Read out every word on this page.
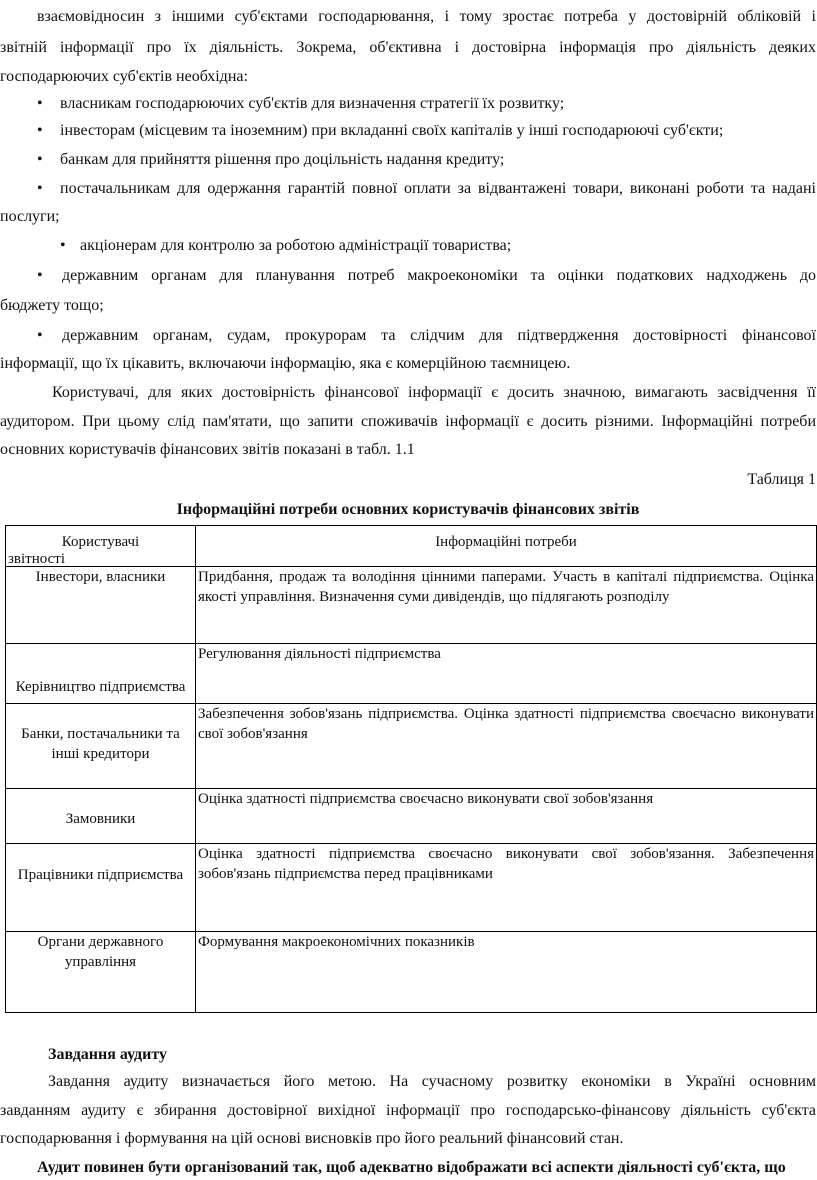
взаємовідносин з іншими суб'єктами господарювання, і тому зростає потреба у достовірній обліковій і
звітній інформації про їх діяльність. Зокрема, об'єктивна і достовірна інформація про діяльність деяких
господарюючих суб'єктів необхідна:
• власникам господарюючих суб'єктів для визначення стратегії їх розвитку;
• інвесторам (місцевим та іноземним) при вкладанні своїх капіталів у інші господарюючі суб'єкти;
• банкам для прийняття рішення про доцільність надання кредиту;
• постачальникам для одержання гарантій повної оплати за відвантажені товари, виконані роботи та надані
послуги;
• акціонерам для контролю за роботою адміністрації товариства;
• державним органам для планування потреб макроекономіки та оцінки податкових надходжень до
бюджету тощо;
• державним органам, судам, прокурорам та слідчим для підтвердження достовірності фінансової
інформації, що їх цікавить, включаючи інформацію, яка є комерційною таємницею.
Користувачі, для яких достовірність фінансової інформації є досить значною, вимагають засвідчення її
аудитором. При цьому слід пам'ятати, що запити споживачів інформації є досить різними. Інформаційні потреби
основних користувачів фінансових звітів показані в табл. 1.1
Таблиця 1
Інформаційні потреби основних користувачів фінансових звітів
Користувачі
звітності	Інформаційні потреби
Інвестори, власники	Придбання, продаж та володіння цінними паперами. Участь в капіталі підприємства. Оцінка якості управління. Визначення суми дивідендів, що підлягають розподілу
Керівництво підприємства	Регулювання діяльності підприємства
Банки, постачальники та інші кредитори	Забезпечення зобов'язань підприємства. Оцінка здатності підприємства своєчасно виконувати свої зобов'язання
Замовники	Оцінка здатності підприємства своєчасно виконувати свої зобов'язання
Працівники підприємства	Оцінка здатності підприємства своєчасно виконувати свої зобов'язання. Забезпечення зобов'язань підприємства перед працівниками
Органи державного управління	Формування макроекономічних показників
Завдання аудиту
Завдання аудиту визначається його метою. На сучасному розвитку економіки в Україні основним
завданням аудиту є збирання достовірної вихідної інформації про господарсько-фінансову діяльність суб'єкта
господарювання і формування на цій основі висновків про його реальний фінансовий стан.
Аудит повинен бути організований так, щоб адекватно відображати всі аспекти діяльності суб'єкта, що
